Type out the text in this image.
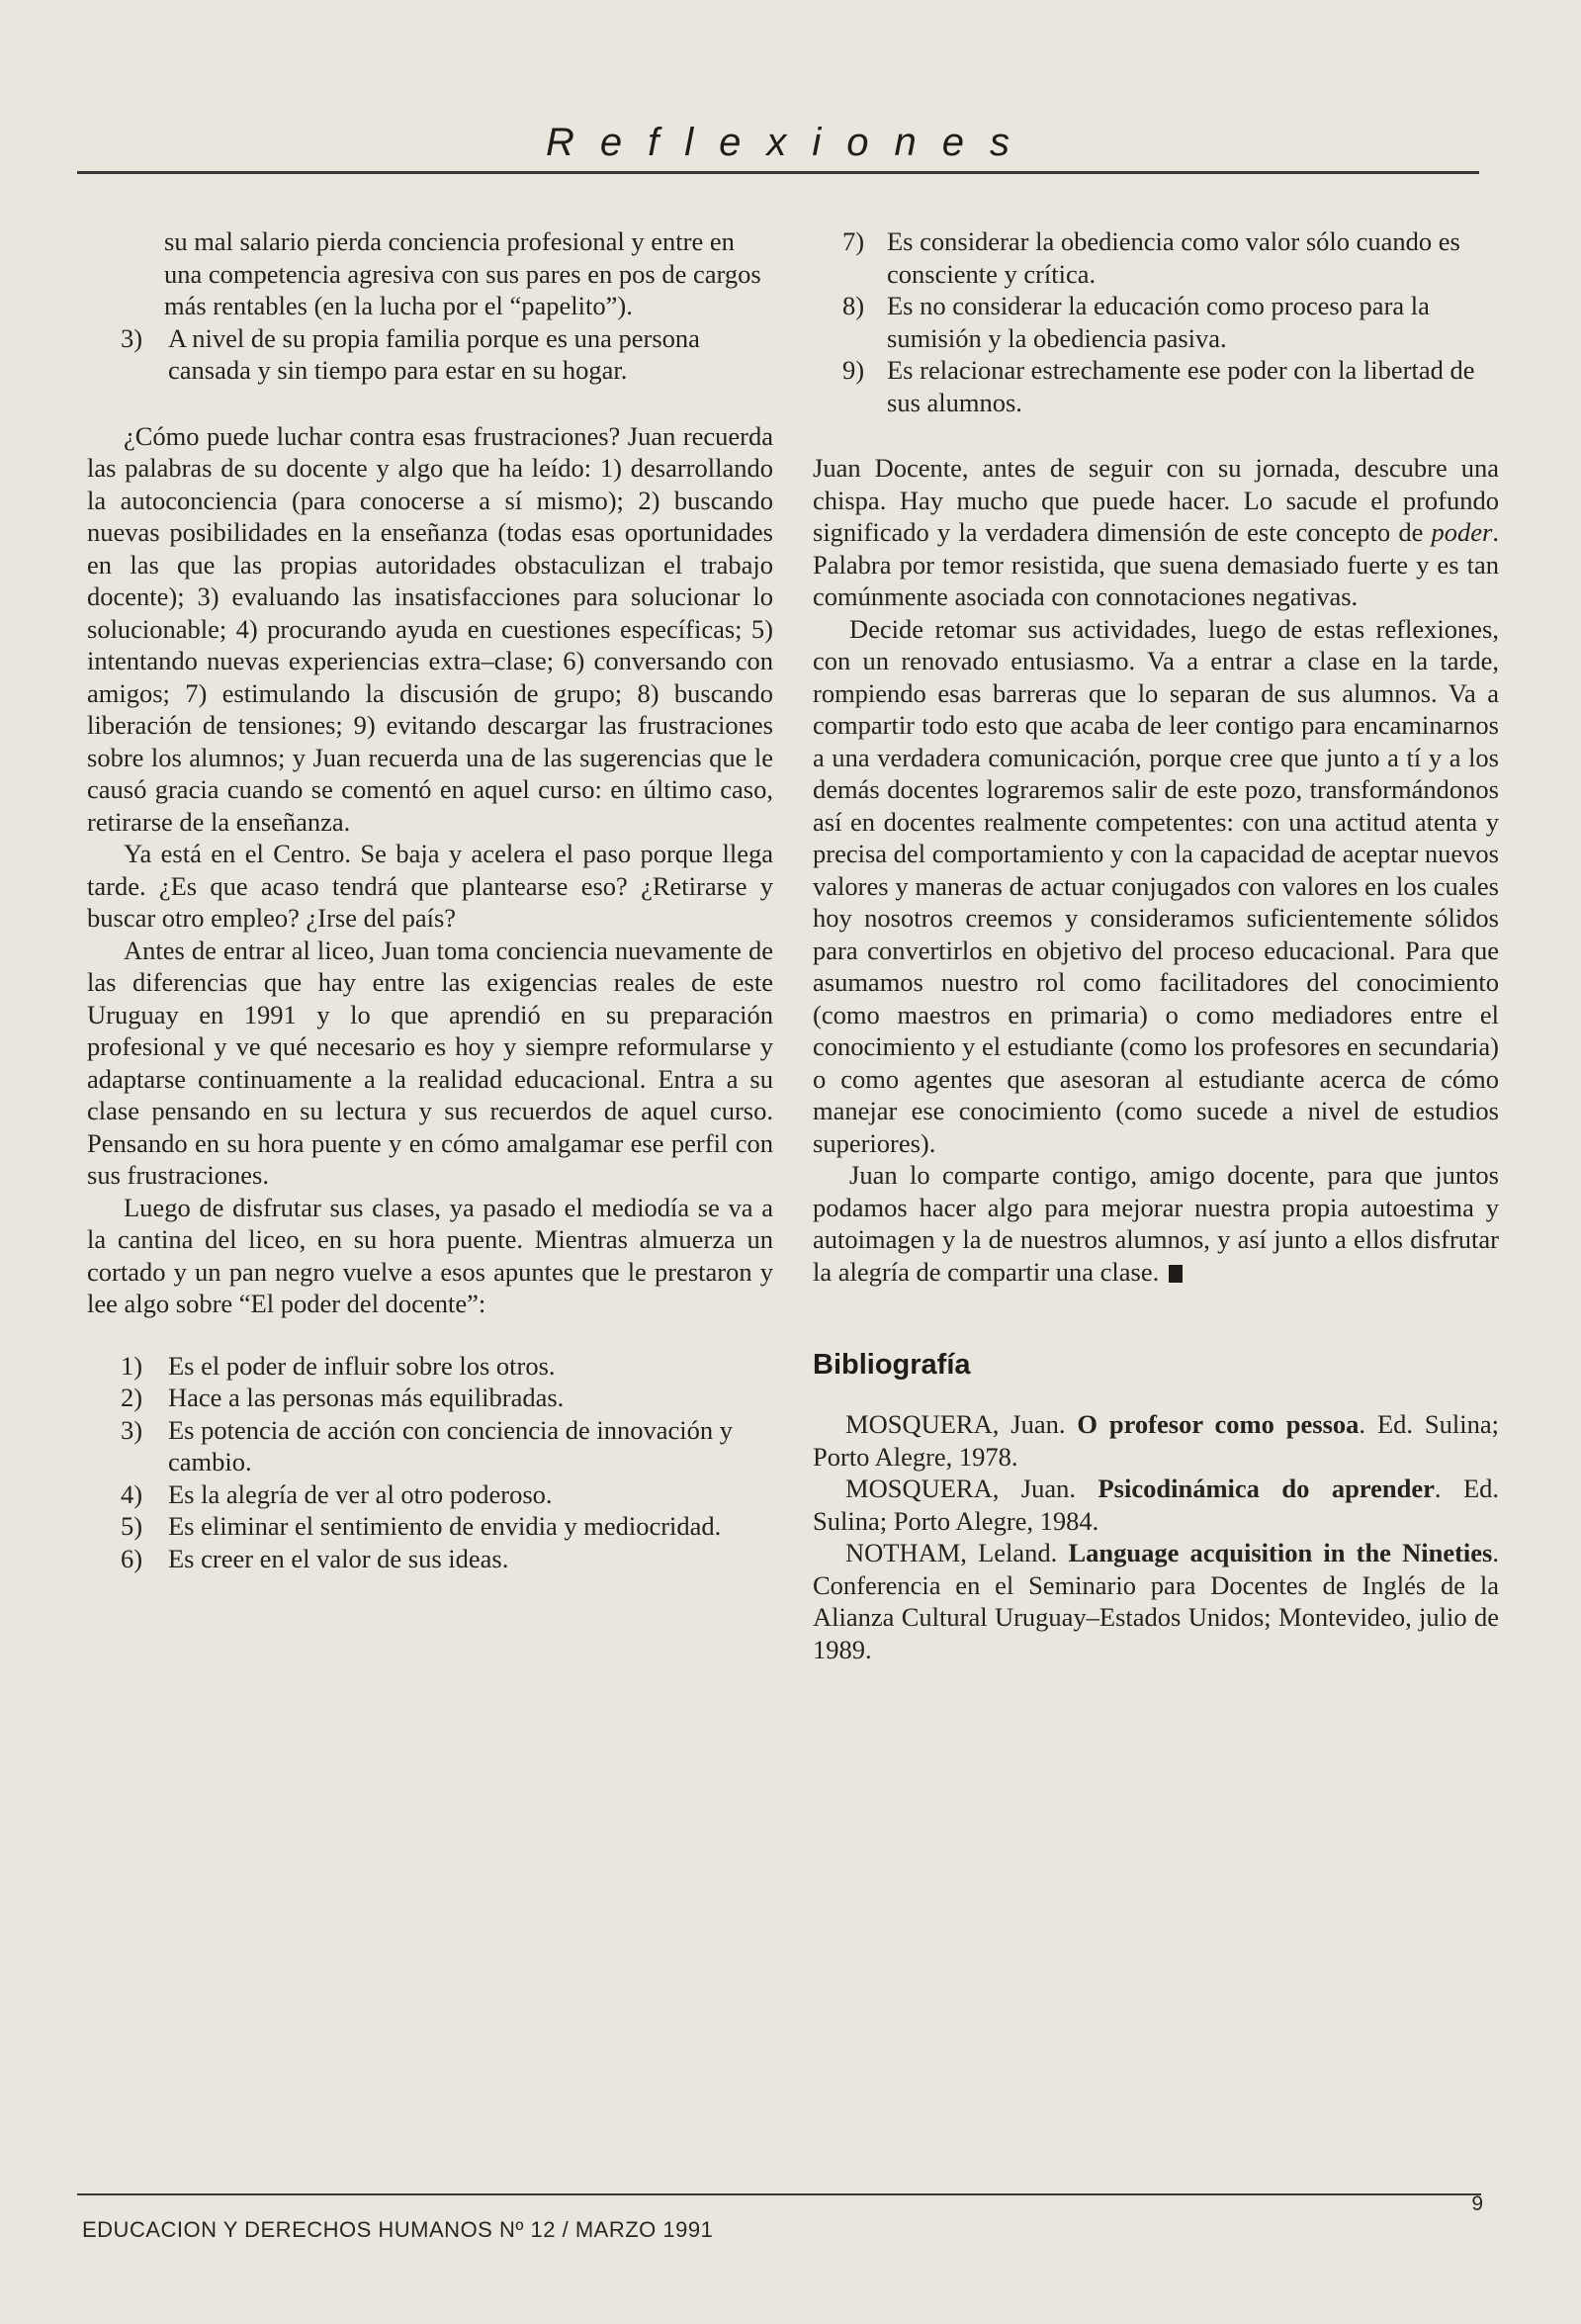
Reflexiones
su mal salario pierda conciencia profesional y entre en una competencia agresiva con sus pares en pos de cargos más rentables (en la lucha por el “papelito”).
3) A nivel de su propia familia porque es una persona cansada y sin tiempo para estar en su hogar.

¿Cómo puede luchar contra esas frustraciones? Juan recuerda las palabras de su docente y algo que ha leído: 1) desarrollando la autoconciencia (para conocerse a sí mismo); 2) buscando nuevas posibilidades en la enseñanza (todas esas oportunidades en las que las propias autoridades obstaculizan el trabajo docente); 3) evaluando las insatisfacciones para solucionar lo solucionable; 4) procurando ayuda en cuestiones específicas; 5) intentando nuevas experiencias extra–clase; 6) conversando con amigos; 7) estimulando la discusión de grupo; 8) buscando liberación de tensiones; 9) evitando descargar las frustraciones sobre los alumnos; y Juan recuerda una de las sugerencias que le causó gracia cuando se comentó en aquel curso: en último caso, retirarse de la enseñanza.

Ya está en el Centro. Se baja y acelera el paso porque llega tarde. ¿Es que acaso tendrá que plantearse eso? ¿Retirarse y buscar otro empleo? ¿Irse del país?

Antes de entrar al liceo, Juan toma conciencia nuevamente de las diferencias que hay entre las exigencias reales de este Uruguay en 1991 y lo que aprendió en su preparación profesional y ve qué necesario es hoy y siempre reformularse y adaptarse continuamente a la realidad educacional. Entra a su clase pensando en su lectura y sus recuerdos de aquel curso. Pensando en su hora puente y en cómo amalgamar ese perfil con sus frustraciones.

Luego de disfrutar sus clases, ya pasado el mediodía se va a la cantina del liceo, en su hora puente. Mientras almuerza un cortado y un pan negro vuelve a esos apuntes que le prestaron y lee algo sobre “El poder del docente”:

1) Es el poder de influir sobre los otros.
2) Hace a las personas más equilibradas.
3) Es potencia de acción con conciencia de innovación y cambio.
4) Es la alegría de ver al otro poderoso.
5) Es eliminar el sentimiento de envidia y mediocridad.
6) Es creer en el valor de sus ideas.
7) Es considerar la obediencia como valor sólo cuando es consciente y crítica.
8) Es no considerar la educación como proceso para la sumisión y la obediencia pasiva.
9) Es relacionar estrechamente ese poder con la libertad de sus alumnos.

Juan Docente, antes de seguir con su jornada, descubre una chispa. Hay mucho que puede hacer. Lo sacude el profundo significado y la verdadera dimensión de este concepto de poder. Palabra por temor resistida, que suena demasiado fuerte y es tan comúnmente asociada con connotaciones negativas.

Decide retomar sus actividades, luego de estas reflexiones, con un renovado entusiasmo. Va a entrar a clase en la tarde, rompiendo esas barreras que lo separan de sus alumnos. Va a compartir todo esto que acaba de leer contigo para encaminarnos a una verdadera comunicación, porque cree que junto a tí y a los demás docentes lograremos salir de este pozo, transformándonos así en docentes realmente competentes: con una actitud atenta y precisa del comportamiento y con la capacidad de aceptar nuevos valores y maneras de actuar conjugados con valores en los cuales hoy nosotros creemos y consideramos suficientemente sólidos para convertirlos en objetivo del proceso educacional. Para que asumamos nuestro rol como facilitadores del conocimiento (como maestros en primaria) o como mediadores entre el conocimiento y el estudiante (como los profesores en secundaria) o como agentes que asesoran al estudiante acerca de cómo manejar ese conocimiento (como sucede a nivel de estudios superiores).

Juan lo comparte contigo, amigo docente, para que juntos podamos hacer algo para mejorar nuestra propia autoestima y autoimagen y la de nuestros alumnos, y así junto a ellos disfrutar la alegría de compartir una clase.

Bibliografía

MOSQUERA, Juan. O profesor como pessoa. Ed. Sulina; Porto Alegre, 1978.

MOSQUERA, Juan. Psicodinámica do aprender. Ed. Sulina; Porto Alegre, 1984.

NOTHAM, Leland. Language acquisition in the Nineties. Conferencia en el Seminario para Docentes de Inglés de la Alianza Cultural Uruguay–Estados Unidos; Montevideo, julio de 1989.

EDUCACION Y DERECHOS HUMANOS Nº 12 / MARZO 1991
9
